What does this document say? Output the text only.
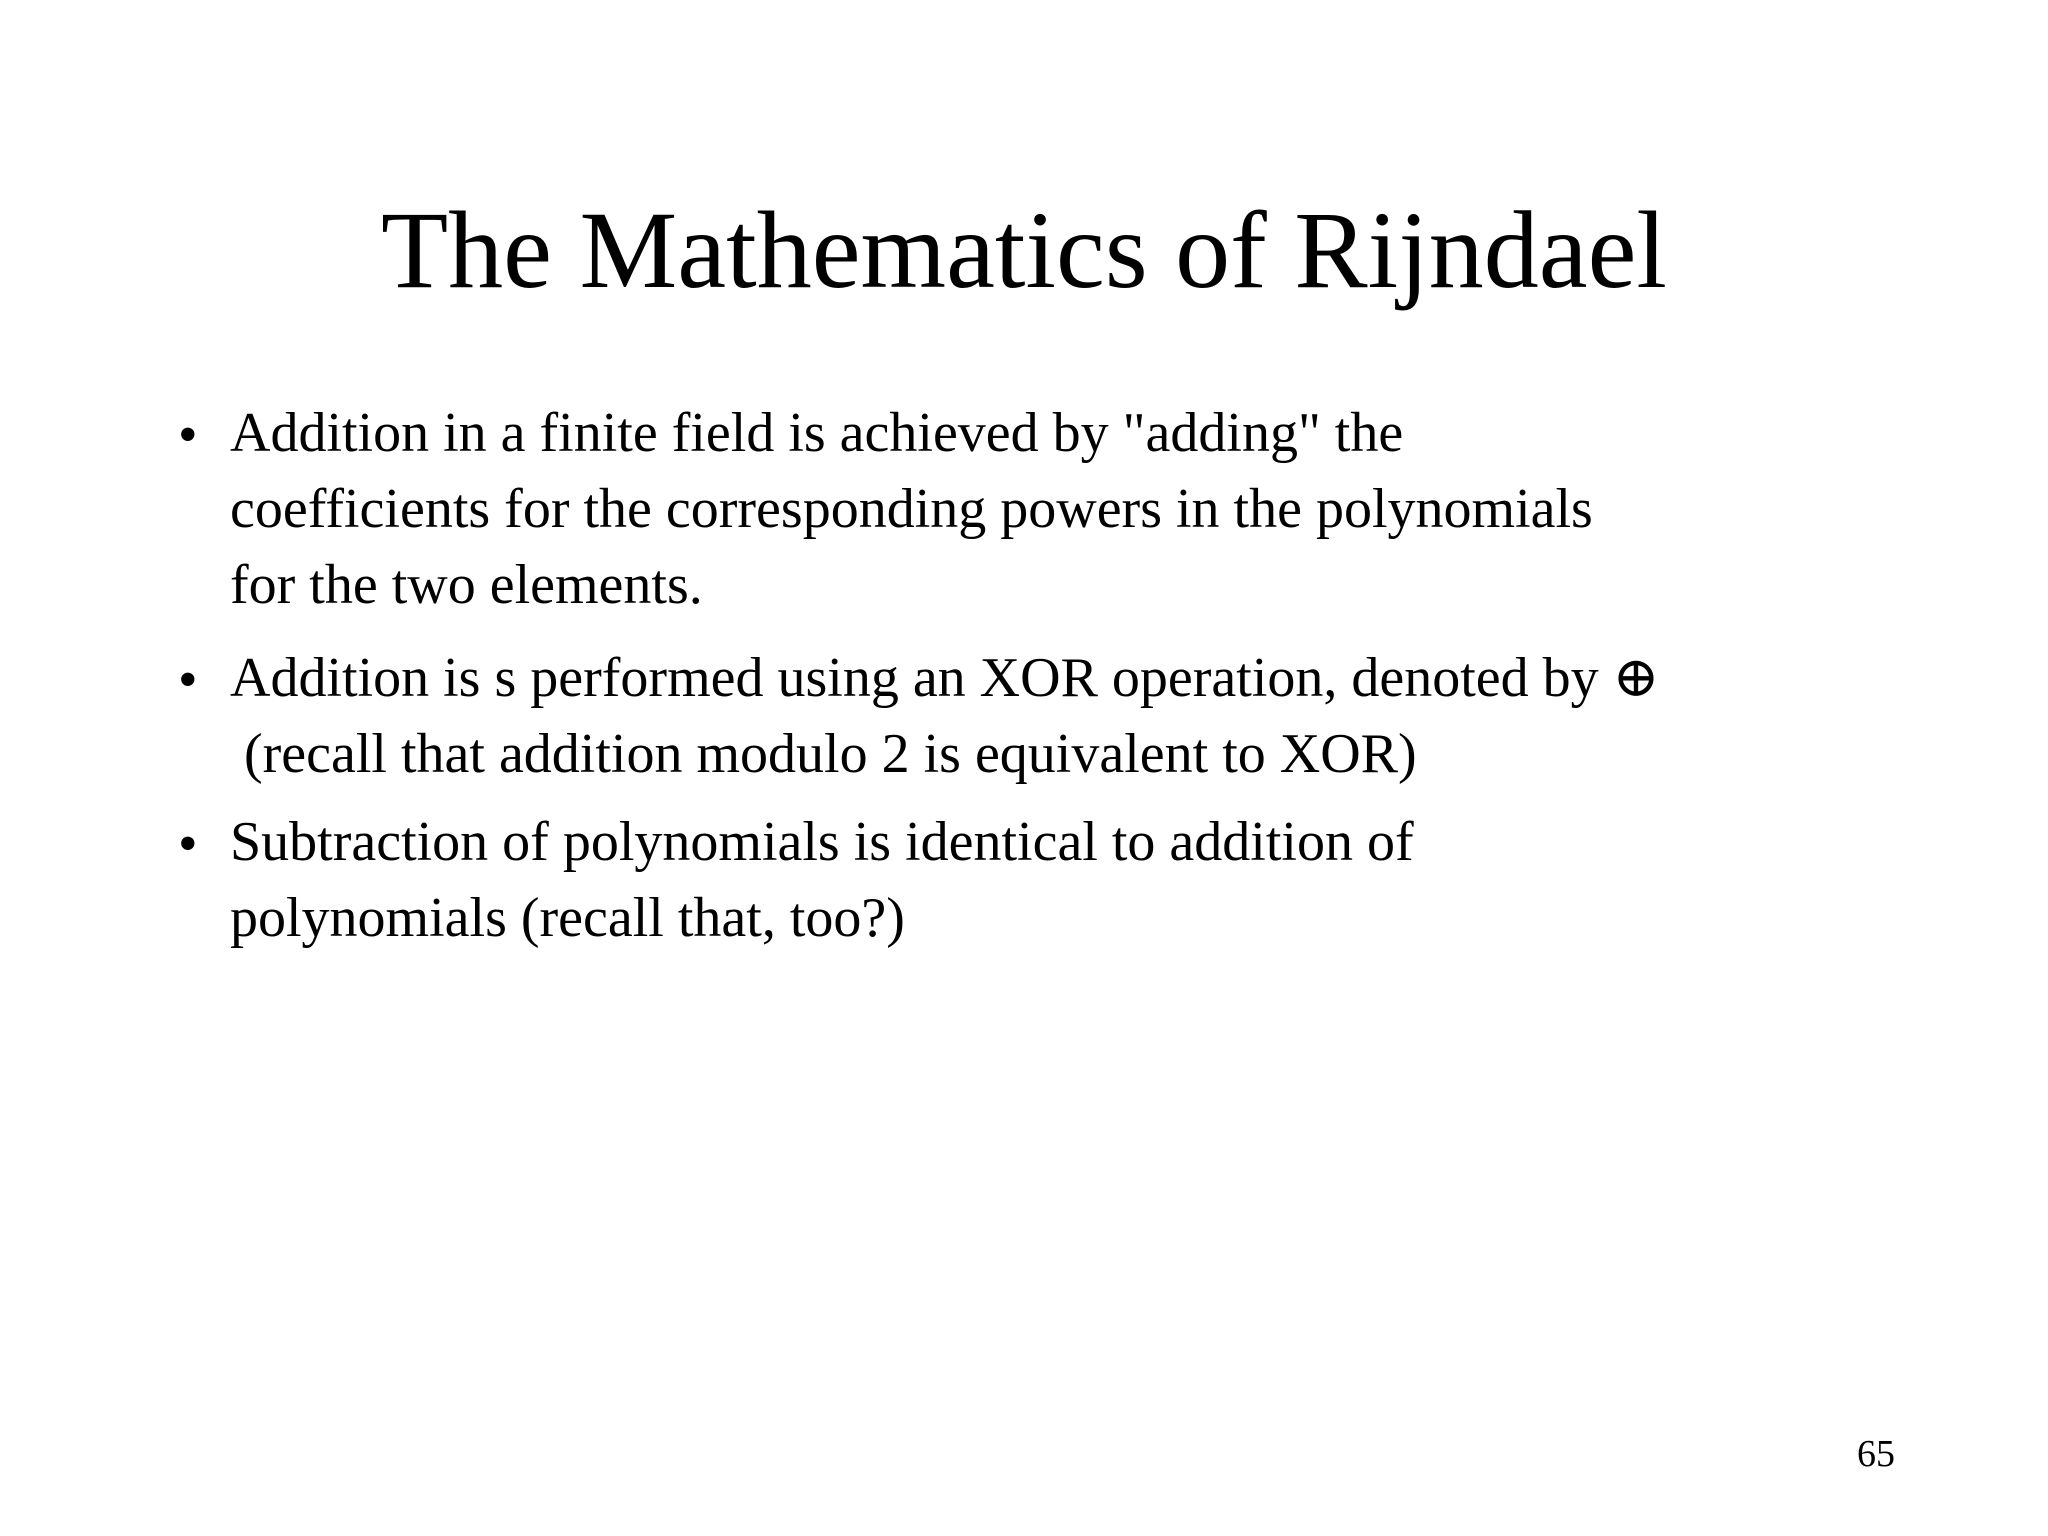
The Mathematics of Rijndael
• Addition in a finite field is achieved by "adding" the
coefficients for the corresponding powers in the polynomials
for the two elements.
• Addition is s performed using an XOR operation, denoted by ⊕
(recall that addition modulo 2 is equivalent to XOR)
• Subtraction of polynomials is identical to addition of
polynomials (recall that, too?)
65
